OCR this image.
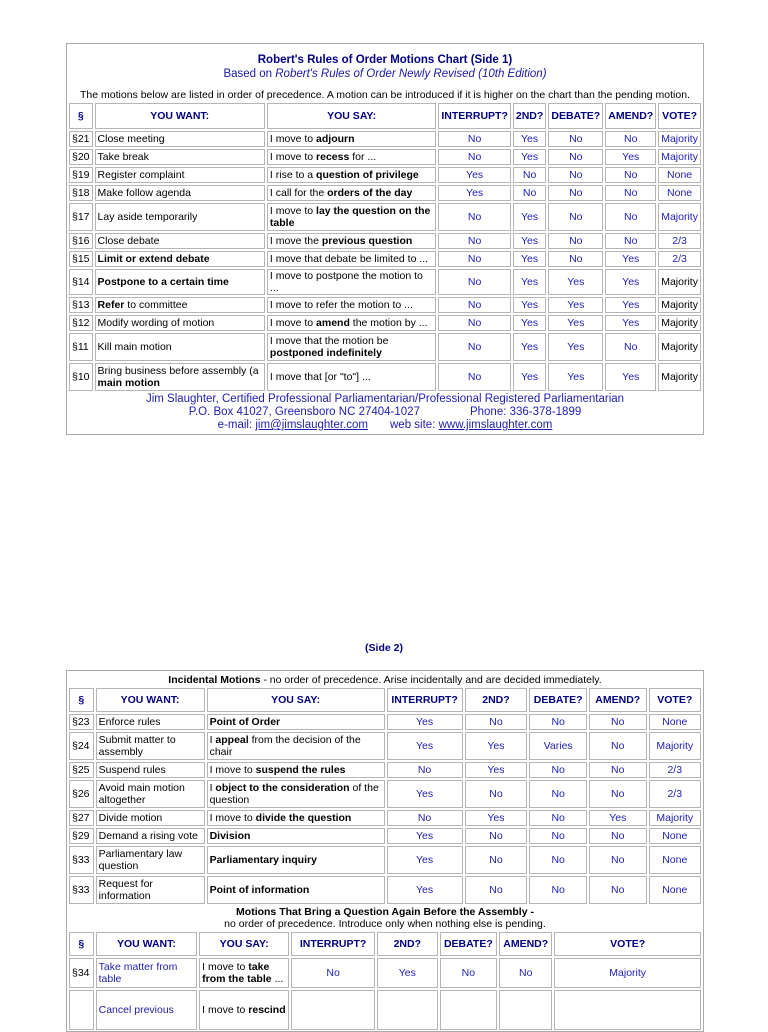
Robert's Rules of Order Motions Chart (Side 1)
Based on Robert's Rules of Order Newly Revised (10th Edition)
The motions below are listed in order of precedence. A motion can be introduced if it is higher on the chart than the pending motion.
§	YOU WANT:	YOU SAY:	INTERRUPT?	2ND?	DEBATE?	AMEND?	VOTE?
§21	Close meeting	I move to adjourn	No	Yes	No	No	Majority
§20	Take break	I move to recess for ...	No	Yes	No	Yes	Majority
§19	Register complaint	I rise to a question of privilege	Yes	No	No	No	None
§18	Make follow agenda	I call for the orders of the day	Yes	No	No	No	None
§17	Lay aside temporarily	I move to lay the question on the table	No	Yes	No	No	Majority
§16	Close debate	I move the previous question	No	Yes	No	No	2/3
§15	Limit or extend debate	I move that debate be limited to ...	No	Yes	No	Yes	2/3
§14	Postpone to a certain time	I move to postpone the motion to ...	No	Yes	Yes	Yes	Majority
§13	Refer to committee	I move to refer the motion to ...	No	Yes	Yes	Yes	Majority
§12	Modify wording of motion	I move to amend the motion by ...	No	Yes	Yes	Yes	Majority
§11	Kill main motion	I move that the motion be postponed indefinitely	No	Yes	Yes	No	Majority
§10	Bring business before assembly (a main motion	I move that [or "to"] ...	No	Yes	Yes	Yes	Majority
Jim Slaughter, Certified Professional Parliamentarian/Professional Registered Parliamentarian
P.O. Box 41027, Greensboro NC 27404-1027	Phone: 336-378-1899
e-mail: jim@jimslaughter.com web site: www.jimslaughter.com
(Side 2)
Incidental Motions - no order of precedence. Arise incidentally and are decided immediately.
§	YOU WANT:	YOU SAY:	INTERRUPT?	2ND?	DEBATE?	AMEND?	VOTE?
§23	Enforce rules	Point of Order	Yes	No	No	No	None
§24	Submit matter to assembly	I appeal from the decision of the chair	Yes	Yes	Varies	No	Majority
§25	Suspend rules	I move to suspend the rules	No	Yes	No	No	2/3
§26	Avoid main motion altogether	I object to the consideration of the question	Yes	No	No	No	2/3
§27	Divide motion	I move to divide the question	No	Yes	No	Yes	Majority
§29	Demand a rising vote	Division	Yes	No	No	No	None
§33	Parliamentary law question	Parliamentary inquiry	Yes	No	No	No	None
§33	Request for information	Point of information	Yes	No	No	No	None
Motions That Bring a Question Again Before the Assembly -
no order of precedence. Introduce only when nothing else is pending.
§	YOU WANT:	YOU SAY:	INTERRUPT?	2ND?	DEBATE?	AMEND?	VOTE?
§34	Take matter from table	I move to take from the table ...	No	Yes	No	No	Majority
	Cancel previous	I move to rescind					
